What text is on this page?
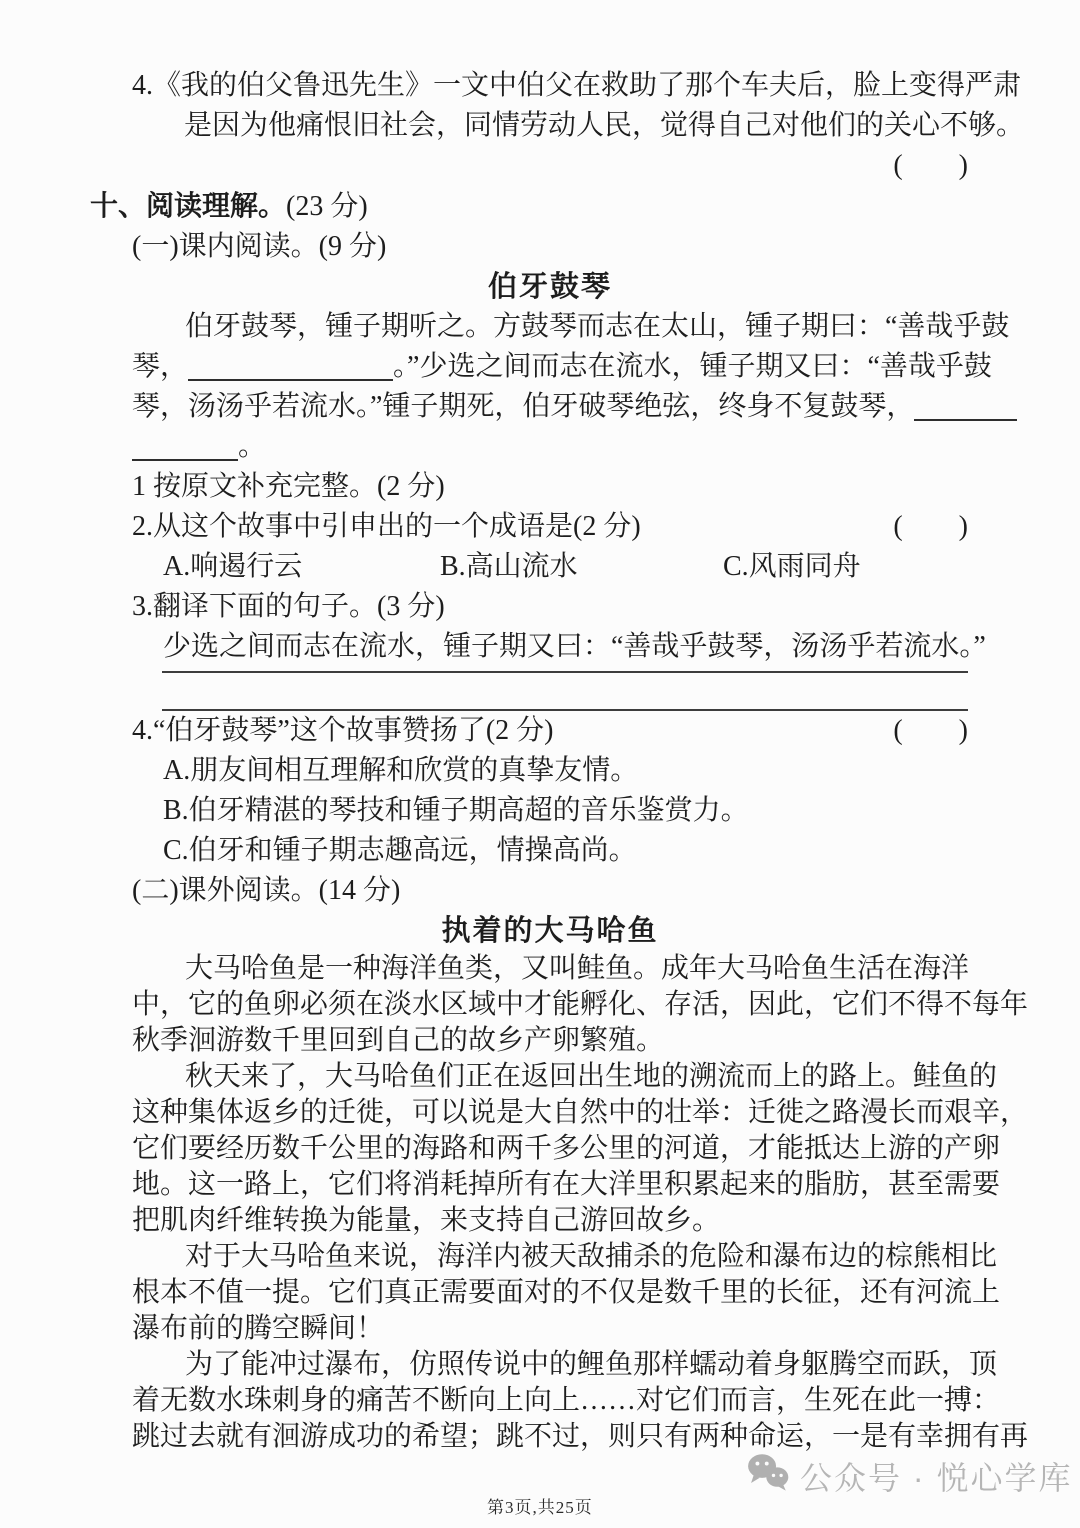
4.《我的伯父鲁迅先生》一文中伯父在救助了那个车夫后，脸上变得严肃
是因为他痛恨旧社会，同情劳动人民，觉得自己对他们的关心不够。
(　　)
十、阅读理解。(23 分)
(一)课内阅读。(9 分)
伯牙鼓琴
伯牙鼓琴，锺子期听之。方鼓琴而志在太山，锺子期曰：“善哉乎鼓
琴，	。”少选之间而志在流水，锺子期又曰：“善哉乎鼓
琴，汤汤乎若流水。”锺子期死，伯牙破琴绝弦，终身不复鼓琴，
。
1 按原文补充完整。(2 分)
2.从这个故事中引申出的一个成语是(2 分)	(　　)
A.响遏行云	B.高山流水	C.风雨同舟
3.翻译下面的句子。(3 分)
少选之间而志在流水，锺子期又曰：“善哉乎鼓琴，汤汤乎若流水。”
4.“伯牙鼓琴”这个故事赞扬了(2 分)	(　　)
A.朋友间相互理解和欣赏的真挚友情。
B.伯牙精湛的琴技和锺子期高超的音乐鉴赏力。
C.伯牙和锺子期志趣高远，情操高尚。
(二)课外阅读。(14 分)
执着的大马哈鱼
大马哈鱼是一种海洋鱼类，又叫鲑鱼。成年大马哈鱼生活在海洋
中，它的鱼卵必须在淡水区域中才能孵化、存活，因此，它们不得不每年
秋季洄游数千里回到自己的故乡产卵繁殖。
秋天来了，大马哈鱼们正在返回出生地的溯流而上的路上。鲑鱼的
这种集体返乡的迁徙，可以说是大自然中的壮举：迁徙之路漫长而艰辛，
它们要经历数千公里的海路和两千多公里的河道，才能抵达上游的产卵
地。这一路上，它们将消耗掉所有在大洋里积累起来的脂肪，甚至需要
把肌肉纤维转换为能量，来支持自己游回故乡。
对于大马哈鱼来说，海洋内被天敌捕杀的危险和瀑布边的棕熊相比
根本不值一提。它们真正需要面对的不仅是数千里的长征，还有河流上
瀑布前的腾空瞬间！
为了能冲过瀑布，仿照传说中的鲤鱼那样蠕动着身躯腾空而跃，顶
着无数水珠刺身的痛苦不断向上向上……对它们而言，生死在此一搏：
跳过去就有洄游成功的希望；跳不过，则只有两种命运，一是有幸拥有再
第3页,共25页
公众号 · 悦心学库
